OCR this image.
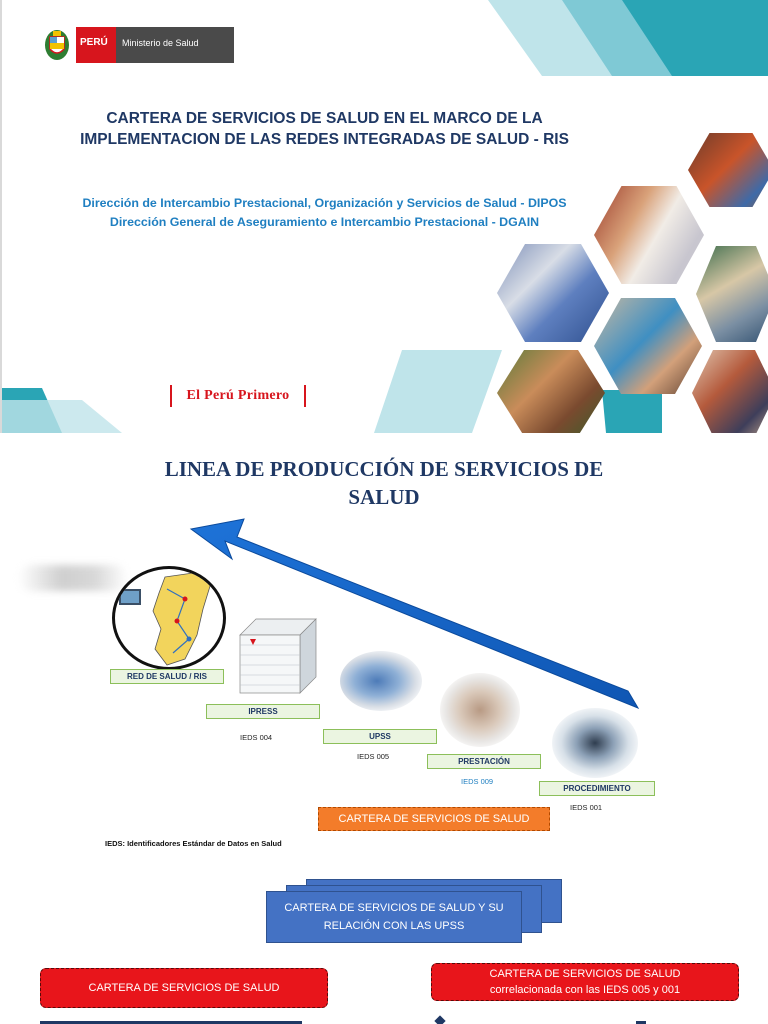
PERÚ	Ministerio de Salud
CARTERA DE SERVICIOS DE SALUD EN EL MARCO DE LA
IMPLEMENTACION DE LAS REDES INTEGRADAS DE SALUD - RIS
Dirección de Intercambio Prestacional, Organización y Servicios de Salud - DIPOS
Dirección General de Aseguramiento e Intercambio Prestacional - DGAIN
El Perú Primero
LINEA DE PRODUCCIÓN DE SERVICIOS DE
SALUD
RED DE SALUD / RIS
IPRESS
IEDS 004	UPSS
IEDS 005
PRESTACIÓN
IEDS 009
PROCEDIMIENTO
IEDS 001
CARTERA DE SERVICIOS DE SALUD
IEDS: Identificadores Estándar de Datos en Salud
CARTERA DE SERVICIOS DE SALUD Y SU
RELACIÓN CON LAS UPSS
CARTERA DE SERVICIOS DE SALUD
CARTERA DE SERVICIOS DE SALUD
correlacionada con las IEDS 005 y 001
